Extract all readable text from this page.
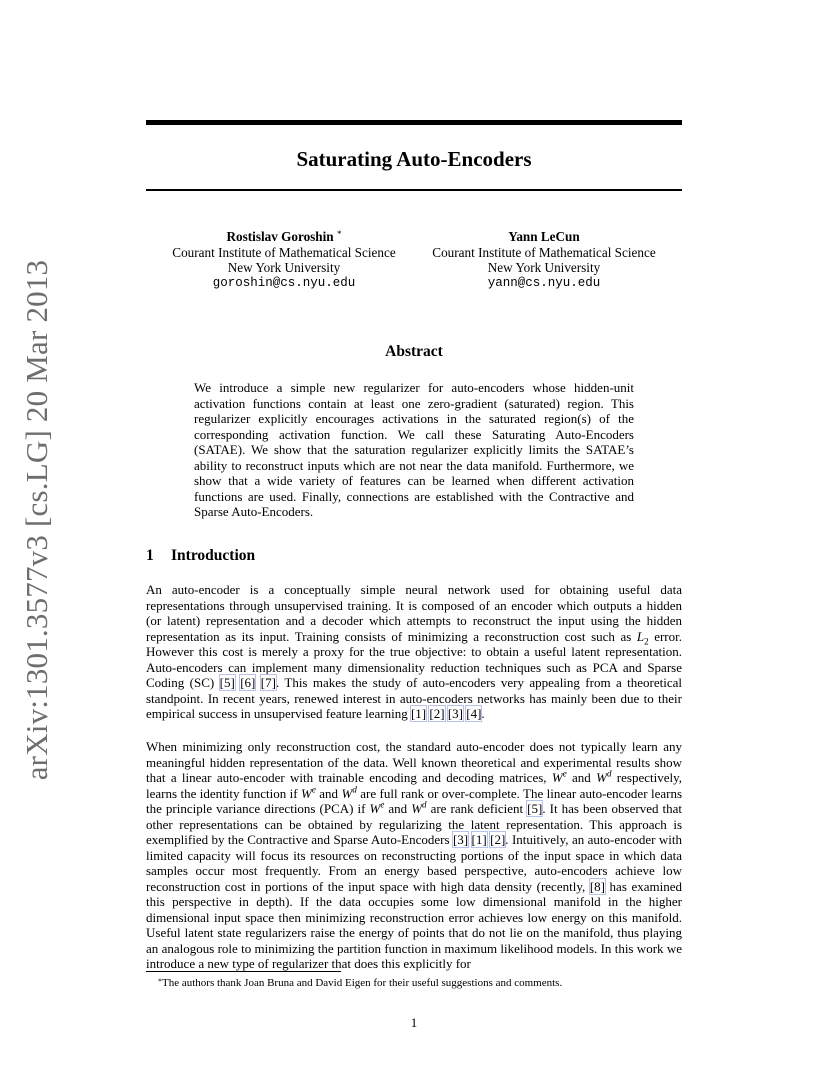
arXiv:1301.3577v3 [cs.LG] 20 Mar 2013
Saturating Auto-Encoders
Rostislav Goroshin *
Courant Institute of Mathematical Science
New York University
goroshin@cs.nyu.edu
Yann LeCun
Courant Institute of Mathematical Science
New York University
yann@cs.nyu.edu
Abstract

We introduce a simple new regularizer for auto-encoders whose hidden-unit activation functions contain at least one zero-gradient (saturated) region. This regularizer explicitly encourages activations in the saturated region(s) of the corresponding activation function. We call these Saturating Auto-Encoders (SATAE). We show that the saturation regularizer explicitly limits the SATAE’s ability to reconstruct inputs which are not near the data manifold. Furthermore, we show that a wide variety of features can be learned when different activation functions are used. Finally, connections are established with the Contractive and Sparse Auto-Encoders.

1 Introduction

An auto-encoder is a conceptually simple neural network used for obtaining useful data representations through unsupervised training. It is composed of an encoder which outputs a hidden (or latent) representation and a decoder which attempts to reconstruct the input using the hidden representation as its input. Training consists of minimizing a reconstruction cost such as $L_2$ error. However this cost is merely a proxy for the true objective: to obtain a useful latent representation. Auto-encoders can implement many dimensionality reduction techniques such as PCA and Sparse Coding (SC) [5] [6] [7]. This makes the study of auto-encoders very appealing from a theoretical standpoint. In recent years, renewed interest in auto-encoders networks has mainly been due to their empirical success in unsupervised feature learning [1] [2] [3] [4].

When minimizing only reconstruction cost, the standard auto-encoder does not typically learn any meaningful hidden representation of the data. Well known theoretical and experimental results show that a linear auto-encoder with trainable encoding and decoding matrices, $W^e$ and $W^d$ respectively, learns the identity function if $W^e$ and $W^d$ are full rank or over-complete. The linear auto-encoder learns the principle variance directions (PCA) if $W^e$ and $W^d$ are rank deficient [5]. It has been observed that other representations can be obtained by regularizing the latent representation. This approach is exemplified by the Contractive and Sparse Auto-Encoders [3] [1] [2]. Intuitively, an auto-encoder with limited capacity will focus its resources on reconstructing portions of the input space in which data samples occur most frequently. From an energy based perspective, auto-encoders achieve low reconstruction cost in portions of the input space with high data density (recently, [8] has examined this perspective in depth). If the data occupies some low dimensional manifold in the higher dimensional input space then minimizing reconstruction error achieves low energy on this manifold. Useful latent state regularizers raise the energy of points that do not lie on the manifold, thus playing an analogous role to minimizing the partition function in maximum likelihood models. In this work we introduce a new type of regularizer that does this explicitly for

*The authors thank Joan Bruna and David Eigen for their useful suggestions and comments.
1
